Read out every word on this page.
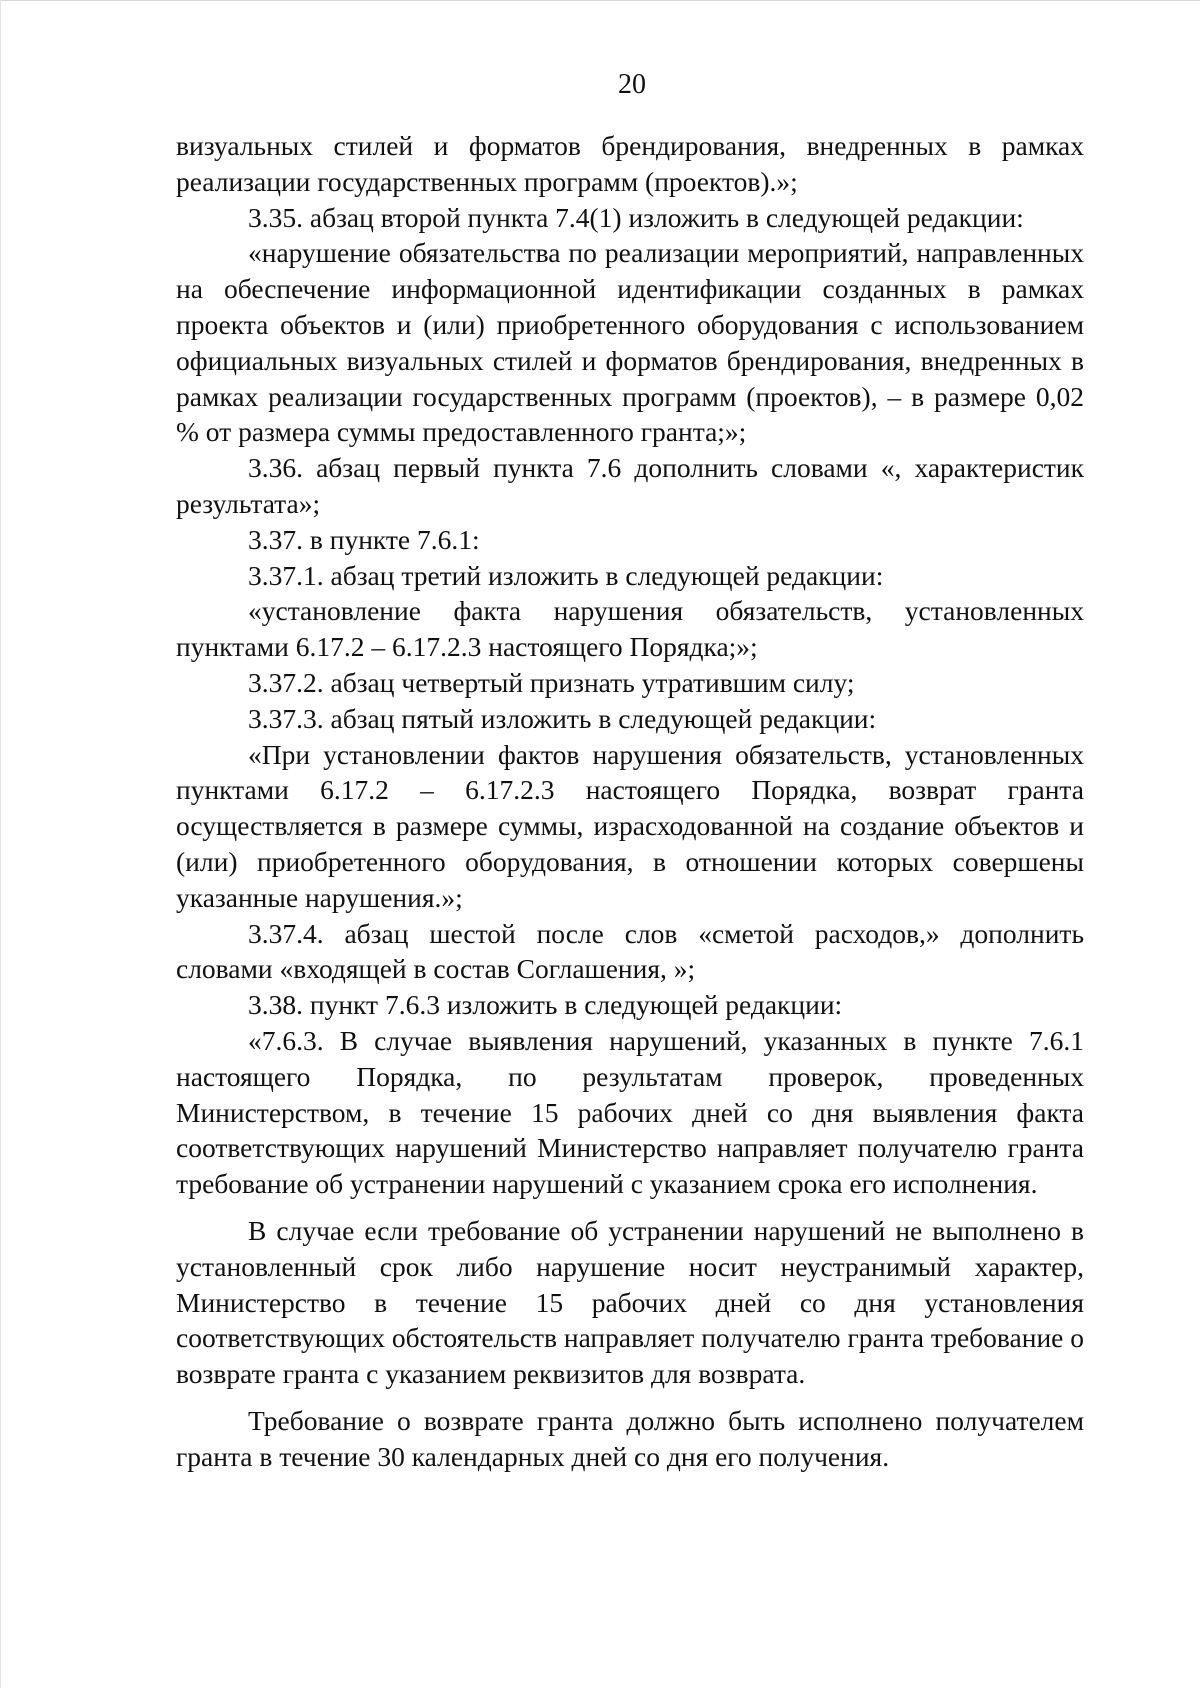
20

визуальных стилей и форматов брендирования, внедренных в рамках реализации государственных программ (проектов).»;

3.35. абзац второй пункта 7.4(1) изложить в следующей редакции:

«нарушение обязательства по реализации мероприятий, направленных на обеспечение информационной идентификации созданных в рамках проекта объектов и (или) приобретенного оборудования с использованием официальных визуальных стилей и форматов брендирования, внедренных в рамках реализации государственных программ (проектов), – в размере 0,02 % от размера суммы предоставленного гранта;»;

3.36. абзац первый пункта 7.6 дополнить словами «, характеристик результата»;

3.37. в пункте 7.6.1:

3.37.1. абзац третий изложить в следующей редакции:

«установление факта нарушения обязательств, установленных пунктами 6.17.2 – 6.17.2.3 настоящего Порядка;»;

3.37.2. абзац четвертый признать утратившим силу;

3.37.3. абзац пятый изложить в следующей редакции:

«При установлении фактов нарушения обязательств, установленных пунктами 6.17.2 – 6.17.2.3 настоящего Порядка, возврат гранта осуществляется в размере суммы, израсходованной на создание объектов и (или) приобретенного оборудования, в отношении которых совершены указанные нарушения.»;

3.37.4. абзац шестой после слов «сметой расходов,» дополнить словами «входящей в состав Соглашения, »;

3.38. пункт 7.6.3 изложить в следующей редакции:

«7.6.3. В случае выявления нарушений, указанных в пункте 7.6.1 настоящего Порядка, по результатам проверок, проведенных Министерством, в течение 15 рабочих дней со дня выявления факта соответствующих нарушений Министерство направляет получателю гранта требование об устранении нарушений с указанием срока его исполнения.

В случае если требование об устранении нарушений не выполнено в установленный срок либо нарушение носит неустранимый характер, Министерство в течение 15 рабочих дней со дня установления соответствующих обстоятельств направляет получателю гранта требование о возврате гранта с указанием реквизитов для возврата.

Требование о возврате гранта должно быть исполнено получателем гранта в течение 30 календарных дней со дня его получения.
